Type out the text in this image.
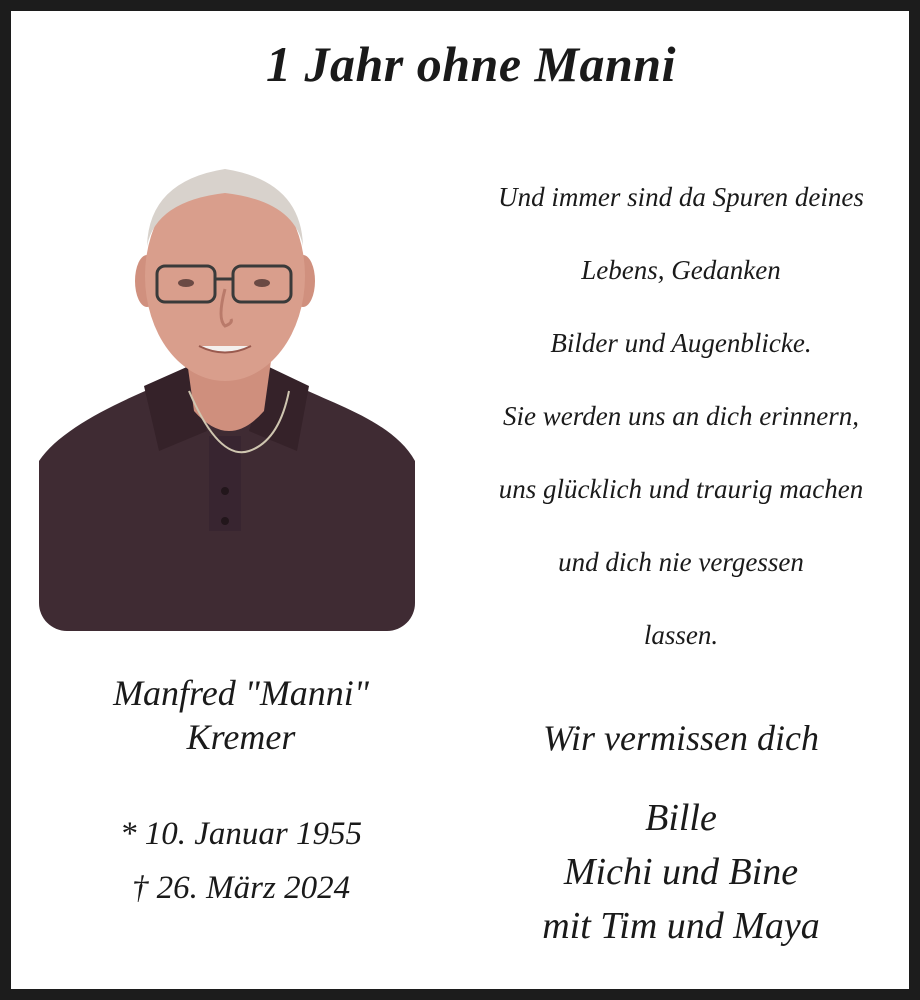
1 Jahr ohne Manni
Und immer sind da Spuren deines
Lebens, Gedanken
Bilder und Augenblicke.
Sie werden uns an dich erinnern,
uns glücklich und traurig machen
und dich nie vergessen
lassen.
Manfred "Manni"
Kremer
* 10. Januar 1955
† 26. März 2024
Wir vermissen dich
Bille
Michi und Bine
mit Tim und Maya
